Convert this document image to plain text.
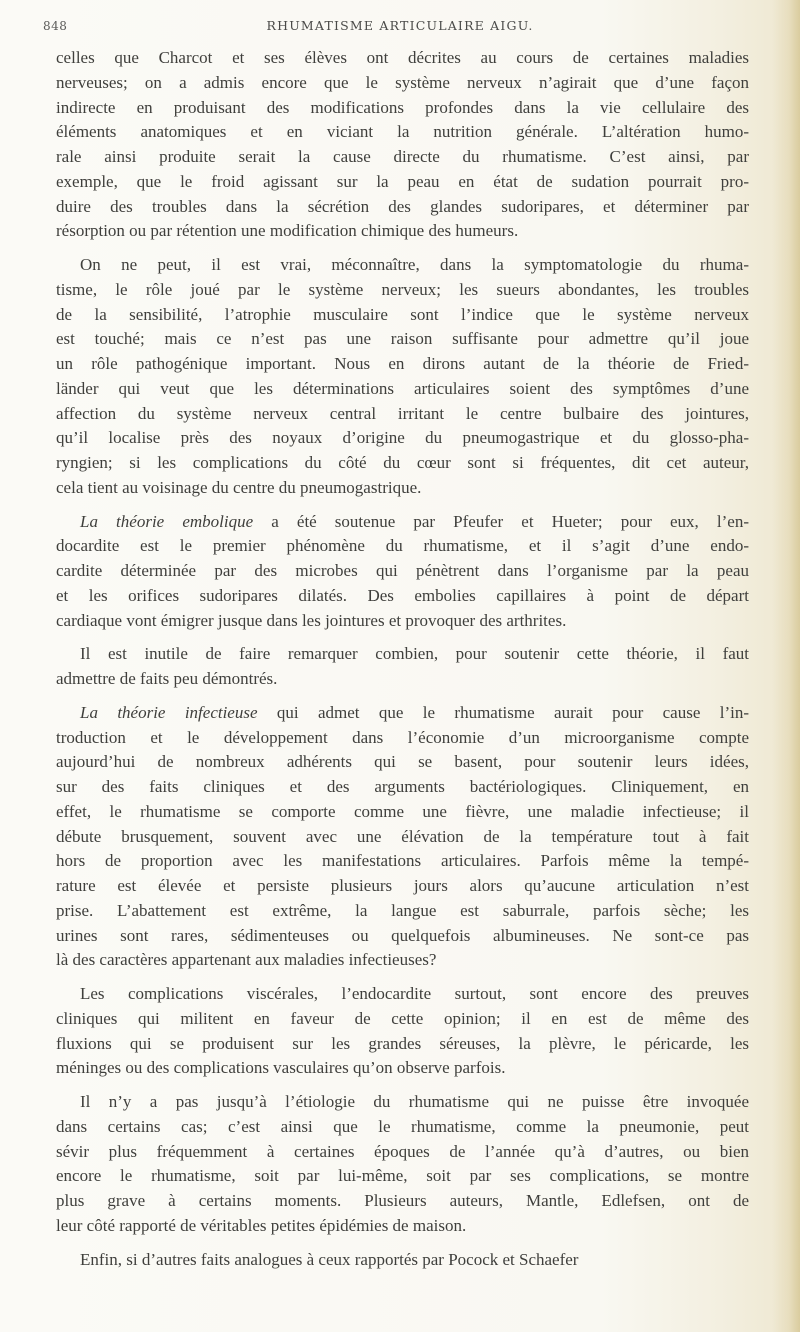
848	RHUMATISME ARTICULAIRE AIGU.
celles que Charcot et ses élèves ont décrites au cours de certaines maladies
nerveuses; on a admis encore que le système nerveux n’agirait que d’une façon
indirecte en produisant des modifications profondes dans la vie cellulaire des
éléments anatomiques et en viciant la nutrition générale. L’altération humo-
rale ainsi produite serait la cause directe du rhumatisme. C’est ainsi, par
exemple, que le froid agissant sur la peau en état de sudation pourrait pro-
duire des troubles dans la sécrétion des glandes sudoripares, et déterminer par
résorption ou par rétention une modification chimique des humeurs.
On ne peut, il est vrai, méconnaître, dans la symptomatologie du rhuma-
tisme, le rôle joué par le système nerveux; les sueurs abondantes, les troubles
de la sensibilité, l’atrophie musculaire sont l’indice que le système nerveux
est touché; mais ce n’est pas une raison suffisante pour admettre qu’il joue
un rôle pathogénique important. Nous en dirons autant de la théorie de Fried-
länder qui veut que les déterminations articulaires soient des symptômes d’une
affection du système nerveux central irritant le centre bulbaire des jointures,
qu’il localise près des noyaux d’origine du pneumogastrique et du glosso-pha-
ryngien; si les complications du côté du cœur sont si fréquentes, dit cet auteur,
cela tient au voisinage du centre du pneumogastrique.
La théorie embolique a été soutenue par Pfeufer et Hueter; pour eux, l’en-
docardite est le premier phénomène du rhumatisme, et il s’agit d’une endo-
cardite déterminée par des microbes qui pénètrent dans l’organisme par la peau
et les orifices sudoripares dilatés. Des embolies capillaires à point de départ
cardiaque vont émigrer jusque dans les jointures et provoquer des arthrites.
Il est inutile de faire remarquer combien, pour soutenir cette théorie, il faut
admettre de faits peu démontrés.
La théorie infectieuse qui admet que le rhumatisme aurait pour cause l’in-
troduction et le développement dans l’économie d’un microorganisme compte
aujourd’hui de nombreux adhérents qui se basent, pour soutenir leurs idées,
sur des faits cliniques et des arguments bactériologiques. Cliniquement, en
effet, le rhumatisme se comporte comme une fièvre, une maladie infectieuse; il
débute brusquement, souvent avec une élévation de la température tout à fait
hors de proportion avec les manifestations articulaires. Parfois même la tempé-
rature est élevée et persiste plusieurs jours alors qu’aucune articulation n’est
prise. L’abattement est extrême, la langue est saburrale, parfois sèche; les
urines sont rares, sédimenteuses ou quelquefois albumineuses. Ne sont-ce pas
là des caractères appartenant aux maladies infectieuses?
Les complications viscérales, l’endocardite surtout, sont encore des preuves
cliniques qui militent en faveur de cette opinion; il en est de même des
fluxions qui se produisent sur les grandes séreuses, la plèvre, le péricarde, les
méninges ou des complications vasculaires qu’on observe parfois.
Il n’y a pas jusqu’à l’étiologie du rhumatisme qui ne puisse être invoquée
dans certains cas; c’est ainsi que le rhumatisme, comme la pneumonie, peut
sévir plus fréquemment à certaines époques de l’année qu’à d’autres, ou bien
encore le rhumatisme, soit par lui-même, soit par ses complications, se montre
plus grave à certains moments. Plusieurs auteurs, Mantle, Edlefsen, ont de
leur côté rapporté de véritables petites épidémies de maison.
Enfin, si d’autres faits analogues à ceux rapportés par Pocock et Schaefer
